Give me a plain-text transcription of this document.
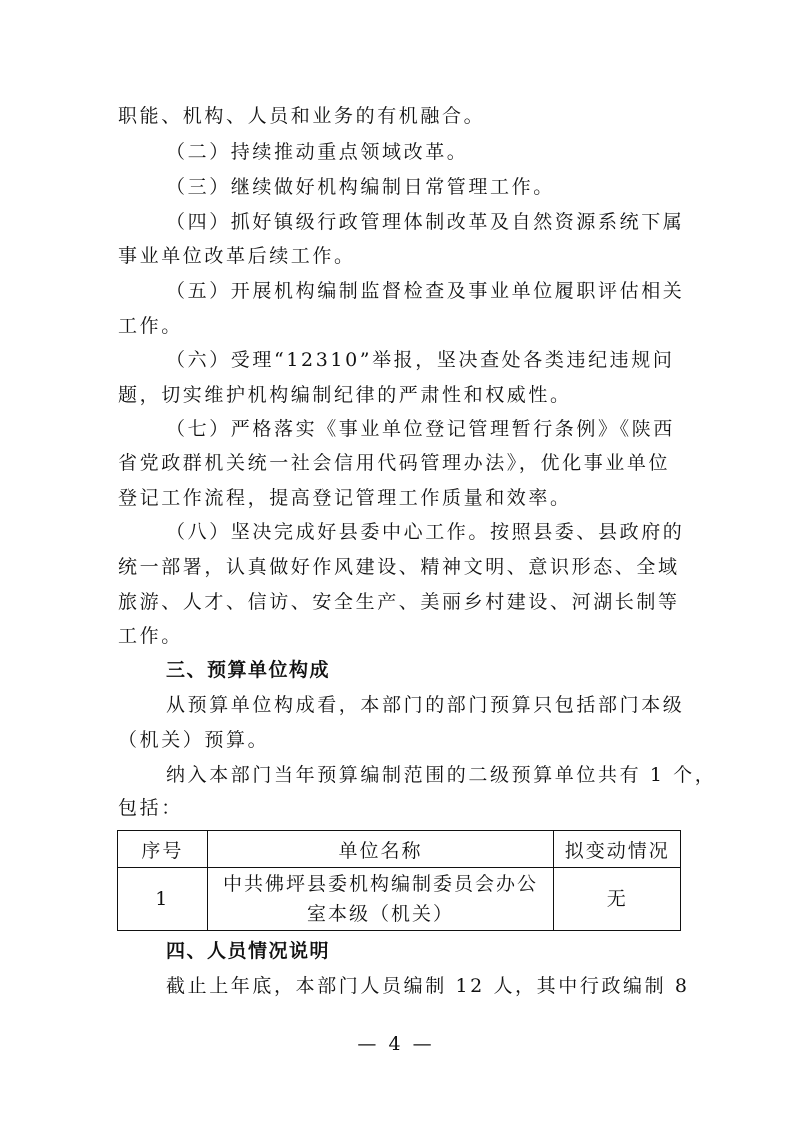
职能、机构、人员和业务的有机融合。
（二）持续推动重点领域改革。
（三）继续做好机构编制日常管理工作。
（四）抓好镇级行政管理体制改革及自然资源系统下属
事业单位改革后续工作。
（五）开展机构编制监督检查及事业单位履职评估相关
工作。
（六）受理“12310”举报，坚决查处各类违纪违规问
题，切实维护机构编制纪律的严肃性和权威性。
（七）严格落实《事业单位登记管理暂行条例》《陕西
省党政群机关统一社会信用代码管理办法》，优化事业单位
登记工作流程，提高登记管理工作质量和效率。
（八）坚决完成好县委中心工作。按照县委、县政府的
统一部署，认真做好作风建设、精神文明、意识形态、全域
旅游、人才、信访、安全生产、美丽乡村建设、河湖长制等
工作。
三、预算单位构成
从预算单位构成看，本部门的部门预算只包括部门本级
（机关）预算。
纳入本部门当年预算编制范围的二级预算单位共有 1 个，
包括：
序号	单位名称	拟变动情况
1	中共佛坪县委机构编制委员会办公
室本级（机关）	无
四、人员情况说明
截止上年底，本部门人员编制 12 人，其中行政编制 8
— 4 —
